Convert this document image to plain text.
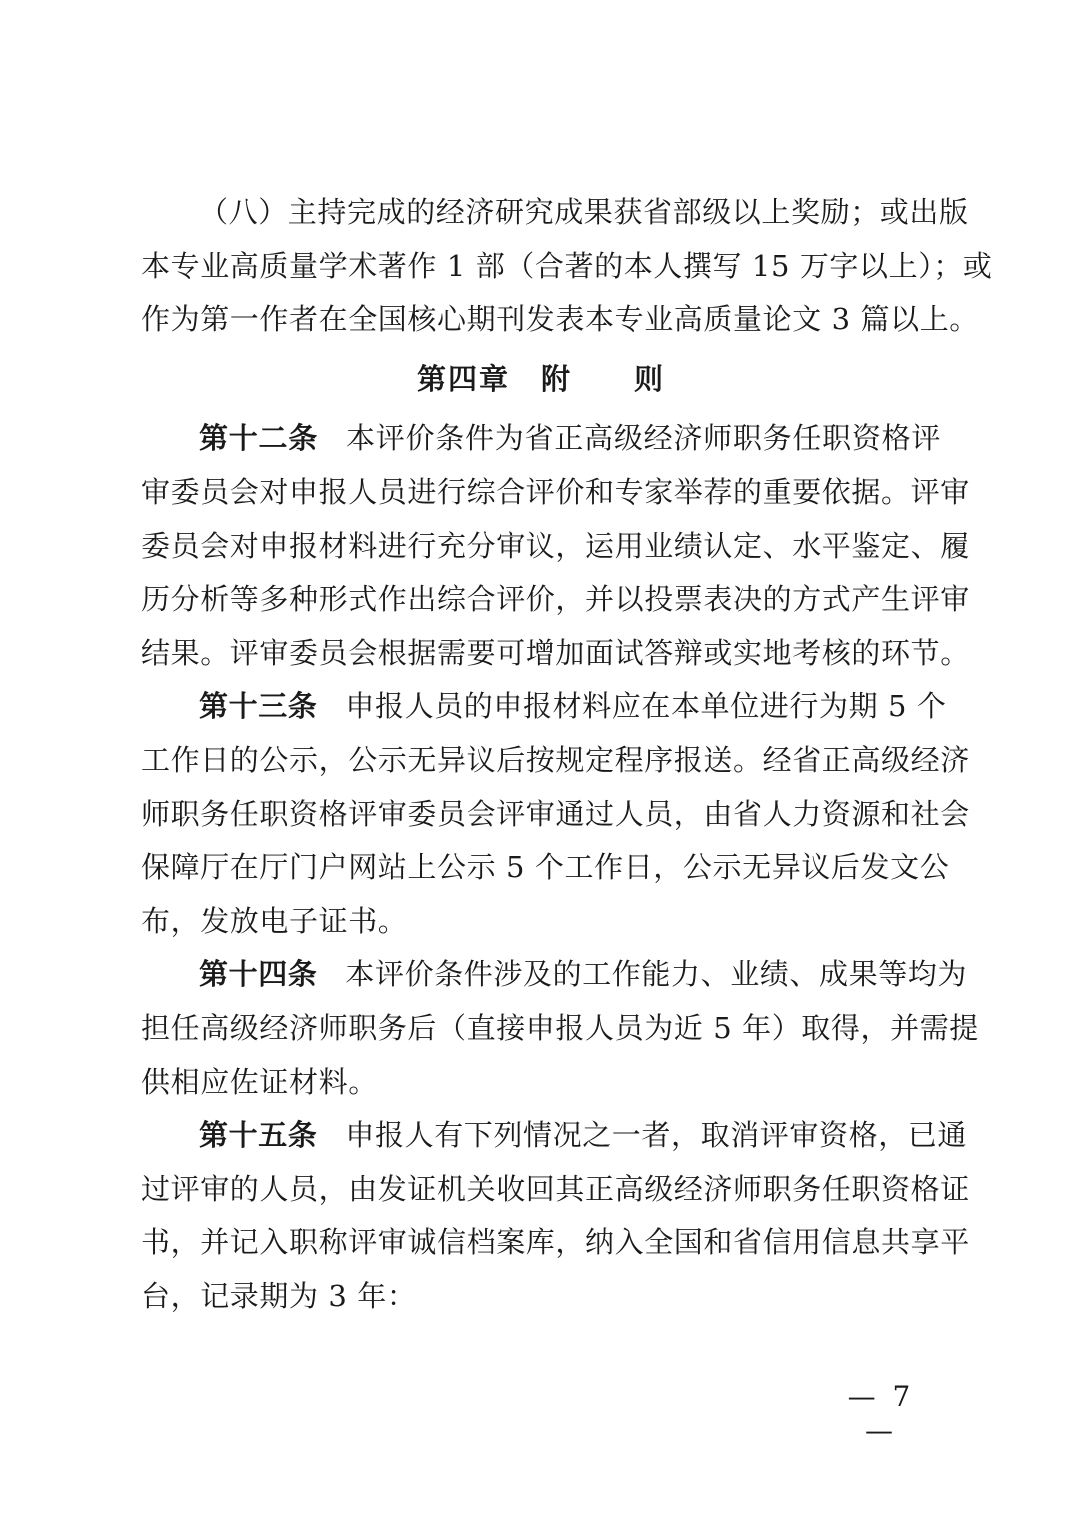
（八）主持完成的经济研究成果获省部级以上奖励；或出版
本专业高质量学术著作 1 部（合著的本人撰写 15 万字以上）；或
作为第一作者在全国核心期刊发表本专业高质量论文 3 篇以上。

第四章　附　　则

第十二条 本评价条件为省正高级经济师职务任职资格评
审委员会对申报人员进行综合评价和专家举荐的重要依据。评审
委员会对申报材料进行充分审议，运用业绩认定、水平鉴定、履
历分析等多种形式作出综合评价，并以投票表决的方式产生评审
结果。评审委员会根据需要可增加面试答辩或实地考核的环节。

第十三条 申报人员的申报材料应在本单位进行为期 5 个
工作日的公示，公示无异议后按规定程序报送。经省正高级经济
师职务任职资格评审委员会评审通过人员，由省人力资源和社会
保障厅在厅门户网站上公示 5 个工作日，公示无异议后发文公
布，发放电子证书。

第十四条 本评价条件涉及的工作能力、业绩、成果等均为
担任高级经济师职务后（直接申报人员为近 5 年）取得，并需提
供相应佐证材料。

第十五条 申报人有下列情况之一者，取消评审资格，已通
过评审的人员，由发证机关收回其正高级经济师职务任职资格证
书，并记入职称评审诚信档案库，纳入全国和省信用信息共享平
台，记录期为 3 年：

— 7 —
